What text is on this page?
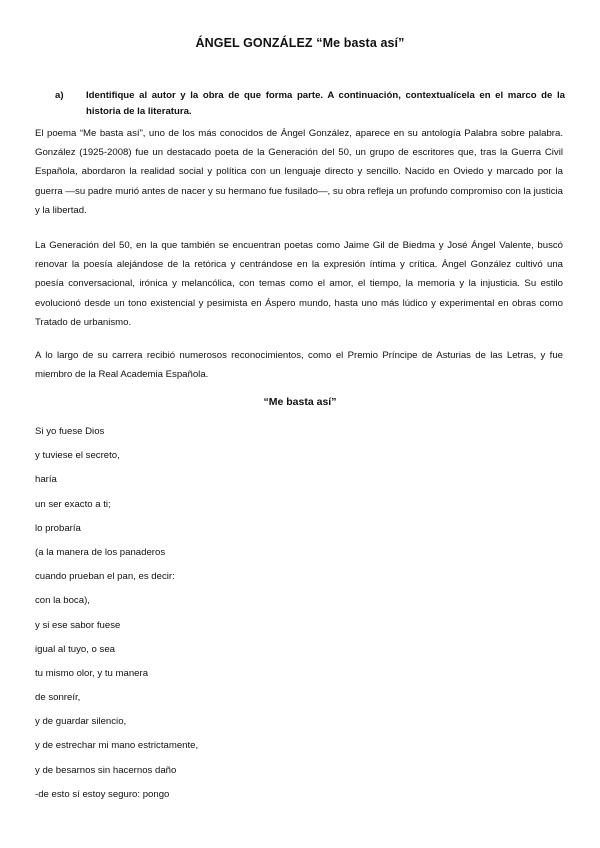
ÁNGEL GONZÁLEZ “Me basta así”
a) Identifique al autor y la obra de que forma parte. A continuación, contextualícela en el marco de la historia de la literatura.

El poema “Me basta así”, uno de los más conocidos de Ángel González, aparece en su antología Palabra sobre palabra. González (1925-2008) fue un destacado poeta de la Generación del 50, un grupo de escritores que, tras la Guerra Civil Española, abordaron la realidad social y política con un lenguaje directo y sencillo. Nacido en Oviedo y marcado por la guerra —su padre murió antes de nacer y su hermano fue fusilado—, su obra refleja un profundo compromiso con la justicia y la libertad.

La Generación del 50, en la que también se encuentran poetas como Jaime Gil de Biedma y José Ángel Valente, buscó renovar la poesía alejándose de la retórica y centrándose en la expresión íntima y crítica. Ángel González cultivó una poesía conversacional, irónica y melancólica, con temas como el amor, el tiempo, la memoria y la injusticia. Su estilo evolucionó desde un tono existencial y pesimista en Áspero mundo, hasta uno más lúdico y experimental en obras como Tratado de urbanismo.

A lo largo de su carrera recibió numerosos reconocimientos, como el Premio Príncipe de Asturias de las Letras, y fue miembro de la Real Academia Española.

“Me basta así”
Si yo fuese Dios
y tuviese el secreto,
haría
un ser exacto a ti;
lo probaría
(a la manera de los panaderos
cuando prueban el pan, es decir:
con la boca),
y si ese sabor fuese
igual al tuyo, o sea
tu mismo olor, y tu manera
de sonreír,
y de guardar silencio,
y de estrechar mi mano estrictamente,
y de besarnos sin hacernos daño
-de esto sí estoy seguro: pongo
